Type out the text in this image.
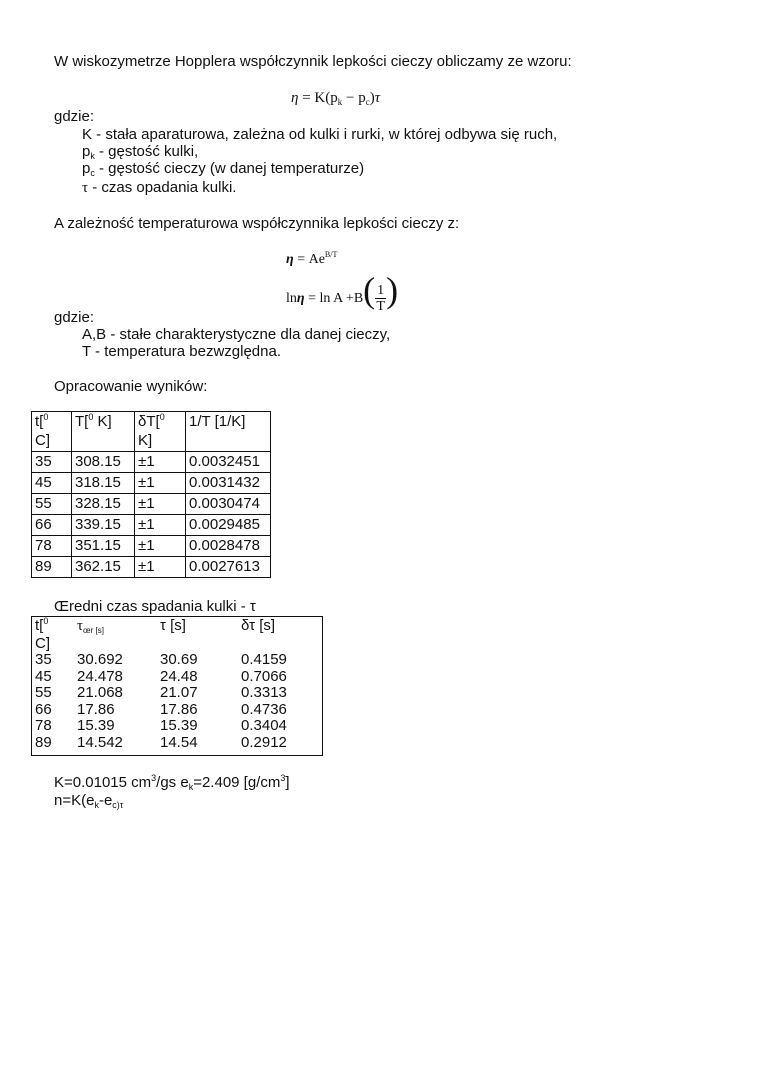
W wiskozymetrze Hopplera współczynnik lepkości cieczy obliczamy ze wzoru:
$\eta = K(p_k - p_c)\tau$
gdzie:
K - stała aparaturowa, zależna od kulki i rurki, w której odbywa się ruch,
$p_k$ - gęstość kulki,
$p_c$ - gęstość cieczy (w danej temperaturze)
τ - czas opadania kulki.
A zależność temperaturowa współczynnika lepkości cieczy z:
$\eta = Ae^{B/T}$
$\ln\eta = \ln A +B( \frac{1}{T}$ )
gdzie:
A,B - stałe charakterystyczne dla danej cieczy,
T - temperatura bezwzględna.
Opracowanie wyników:
t[$^0$
C]	T[$^0$ K]	δT[$^0$
K]	1/T [1/K]
35	308.15	±1	0.0032451
45	318.15	±1	0.0031432
55	328.15	±1	0.0030474
66	339.15	±1	0.0029485
78	351.15	±1	0.0028478
89	362.15	±1	0.0027613
Œredni czas spadania kulki - τ
t[$^0$
C]	$\tau_{œr [s]}$	τ [s]	δτ [s]
35	30.692	30.69	0.4159
45	24.478	24.48	0.7066
55	21.068	21.07	0.3313
66	17.86	17.86	0.4736
78	15.39	15.39	0.3404
89	14.542	14.54	0.2912
K=0.01015 $cm^3/gs$ $e_k=2.409$ $[g/cm^3]$
$n=K(e_k-e_{c)\tau}$
